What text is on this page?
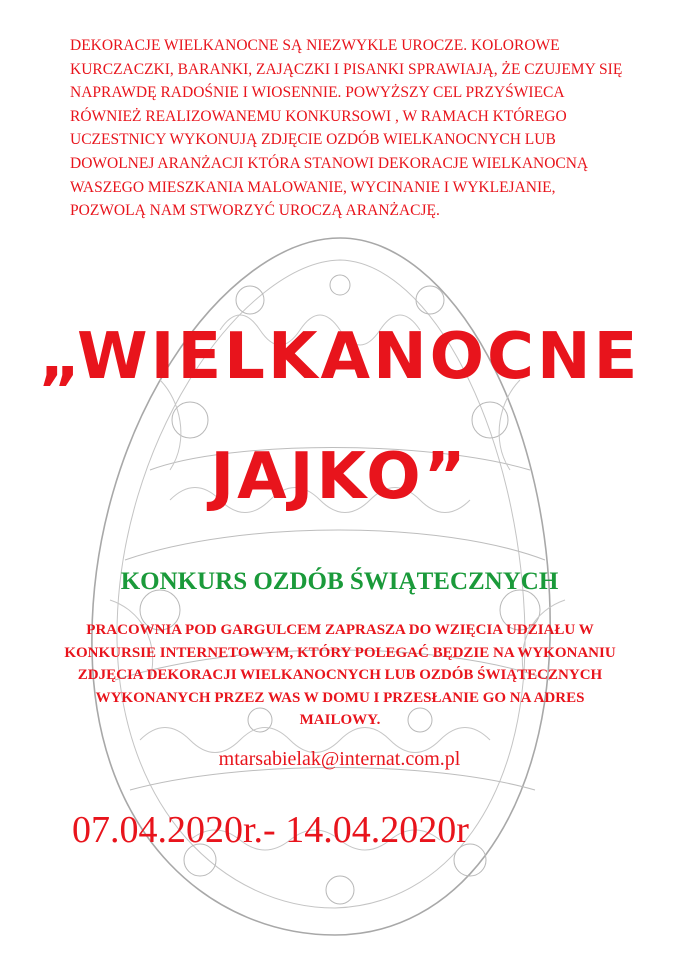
DEKORACJE WIELKANOCNE SĄ NIEZWYKLE UROCZE. KOLOROWE KURCZACZKI, BARANKI, ZAJĄCZKI I PISANKI SPRAWIAJĄ, ŻE CZUJEMY SIĘ NAPRAWDĘ RADOŚNIE I WIOSENNIE. POWYŻSZY CEL PRZYŚWIECA RÓWNIEŻ REALIZOWANEMU KONKURSOWI , W RAMACH KTÓREGO UCZESTNICY WYKONUJĄ ZDJĘCIE OZDÓB WIELKANOCNYCH LUB DOWOLNEJ ARANŻACJI KTÓRA STANOWI DEKORACJE WIELKANOCNĄ WASZEGO MIESZKANIA MALOWANIE, WYCINANIE I WYKLEJANIE, POZWOLĄ NAM STWORZYĆ UROCZĄ ARANŻACJĘ.

„WIELKANOCNE
JAJKO”
KONKURS OZDÓB ŚWIĄTECZNYCH

PRACOWNIA POD GARGULCEM ZAPRASZA DO WZIĘCIA UDZIAŁU W KONKURSIE INTERNETOWYM, KTÓRY POLEGAĆ BĘDZIE NA WYKONANIU ZDJĘCIA DEKORACJI WIELKANOCNYCH LUB OZDÓB ŚWIĄTECZNYCH WYKONANYCH PRZEZ WAS W DOMU I PRZESŁANIE GO NA ADRES MAILOWY.

mtarsabielak@internat.com.pl

07.04.2020r.- 14.04.2020r
